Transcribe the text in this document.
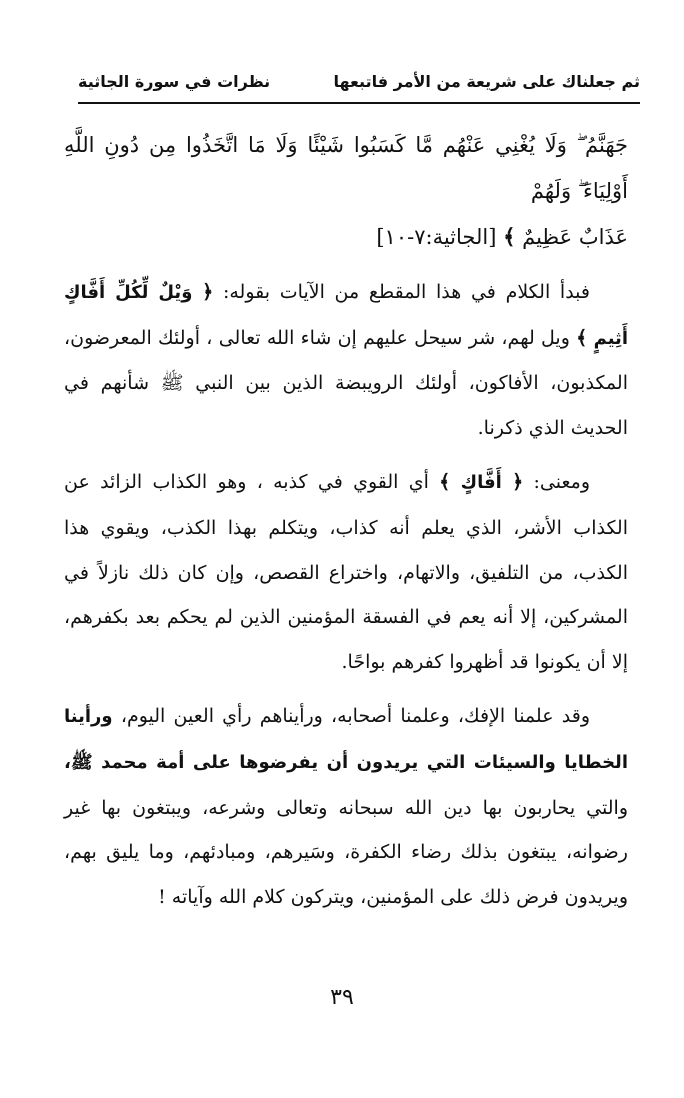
نظرات في سورة الجاثية	ثم جعلناك على شريعة من الأمر فاتبعها

جَهَنَّمُ ۖ وَلَا يُغْنِي عَنْهُم مَّا كَسَبُوا شَيْئًا وَلَا مَا اتَّخَذُوا مِن دُونِ اللَّهِ أَوْلِيَاءَ ۖ وَلَهُمْ

عَذَابٌ عَظِيمٌ ﴾ [الجاثية:٧-١٠]

فبدأ الكلام في هذا المقطع من الآيات بقوله: ﴿ وَيْلٌ لِّكُلِّ أَفَّاكٍ أَثِيمٍ ﴾ ويل لهم، شر سيحل عليهم إن شاء الله تعالى ، أولئك المعرضون، المكذبون، الأفاكون، أولئك الرويبضة الذين بين النبي ﷺ شأنهم في الحديث الذي ذكرنا.

ومعنى: ﴿ أَفَّاكٍ ﴾ أي القوي في كذبه ، وهو الكذاب الزائد عن الكذاب الأشر، الذي يعلم أنه كذاب، ويتكلم بهذا الكذب، ويقوي هذا الكذب، من التلفيق، والاتهام، واختراع القصص، وإن كان ذلك نازلاً في المشركين، إلا أنه يعم في الفسقة المؤمنين الذين لم يحكم بعد بكفرهم، إلا أن يكونوا قد أظهروا كفرهم بواحًا.

وقد علمنا الإفك، وعلمنا أصحابه، ورأيناهم رأي العين اليوم، ورأينا الخطايا والسيئات التي يريدون أن يفرضوها على أمة محمد ﷺ، والتي يحاربون بها دين الله سبحانه وتعالى وشرعه، ويبتغون بها غير رضوانه، يبتغون بذلك رضاء الكفرة، وسَيرهم، ومبادئهم، وما يليق بهم، ويريدون فرض ذلك على المؤمنين، ويتركون كلام الله وآياته !

٣٩
